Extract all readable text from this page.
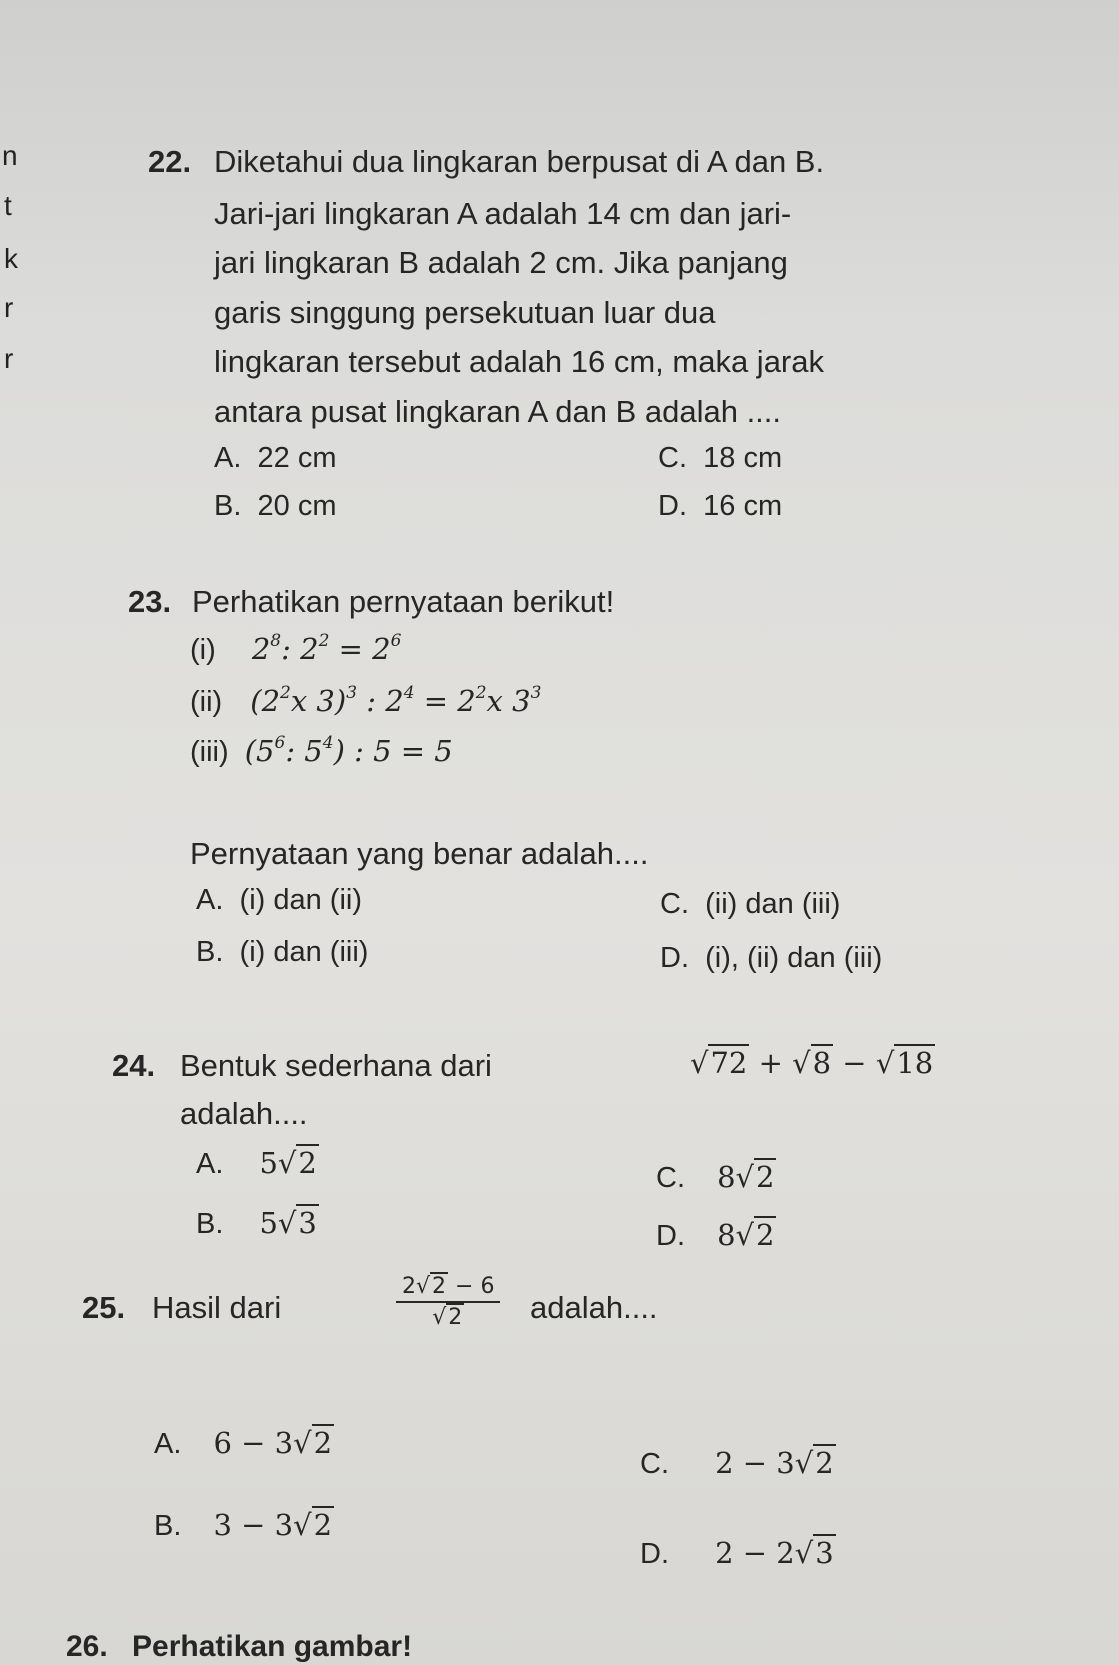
n
t
k
r
r
22. Diketahui dua lingkaran berpusat di A dan B.
Jari-jari lingkaran A adalah 14 cm dan jari-
jari lingkaran B adalah 2 cm. Jika panjang
garis singgung persekutuan luar dua
lingkaran tersebut adalah 16 cm, maka jarak
antara pusat lingkaran A dan B adalah ....
A. 22 cm
B. 20 cm
C. 18 cm
D. 16 cm
23. Perhatikan pernyataan berikut!
(i) $2^8$: $2^2 = 2^6$
(ii) ($2^2x$ 3)$^3$ : $2^4 = 2^2x$ $3^3$
(iii) ($5^6$: $5^4$) : 5 = 5
Pernyataan yang benar adalah....
A. (i) dan (ii)
B. (i) dan (iii)
C. (ii) dan (iii)
D. (i), (ii) dan (iii)
24. Bentuk sederhana dari	√72 + √8 − √18
adalah....
A. 5√2
B. 5√3
C. 8√2
D. 8√2
25. Hasil dari	$\frac{2√2 - 6}{√2}$ adalah....
A. 6 − 3√2
B. 3 − 3√2
C. 2 − 3√2
D. 2 − 2√3
26. Perhatikan gambar!
